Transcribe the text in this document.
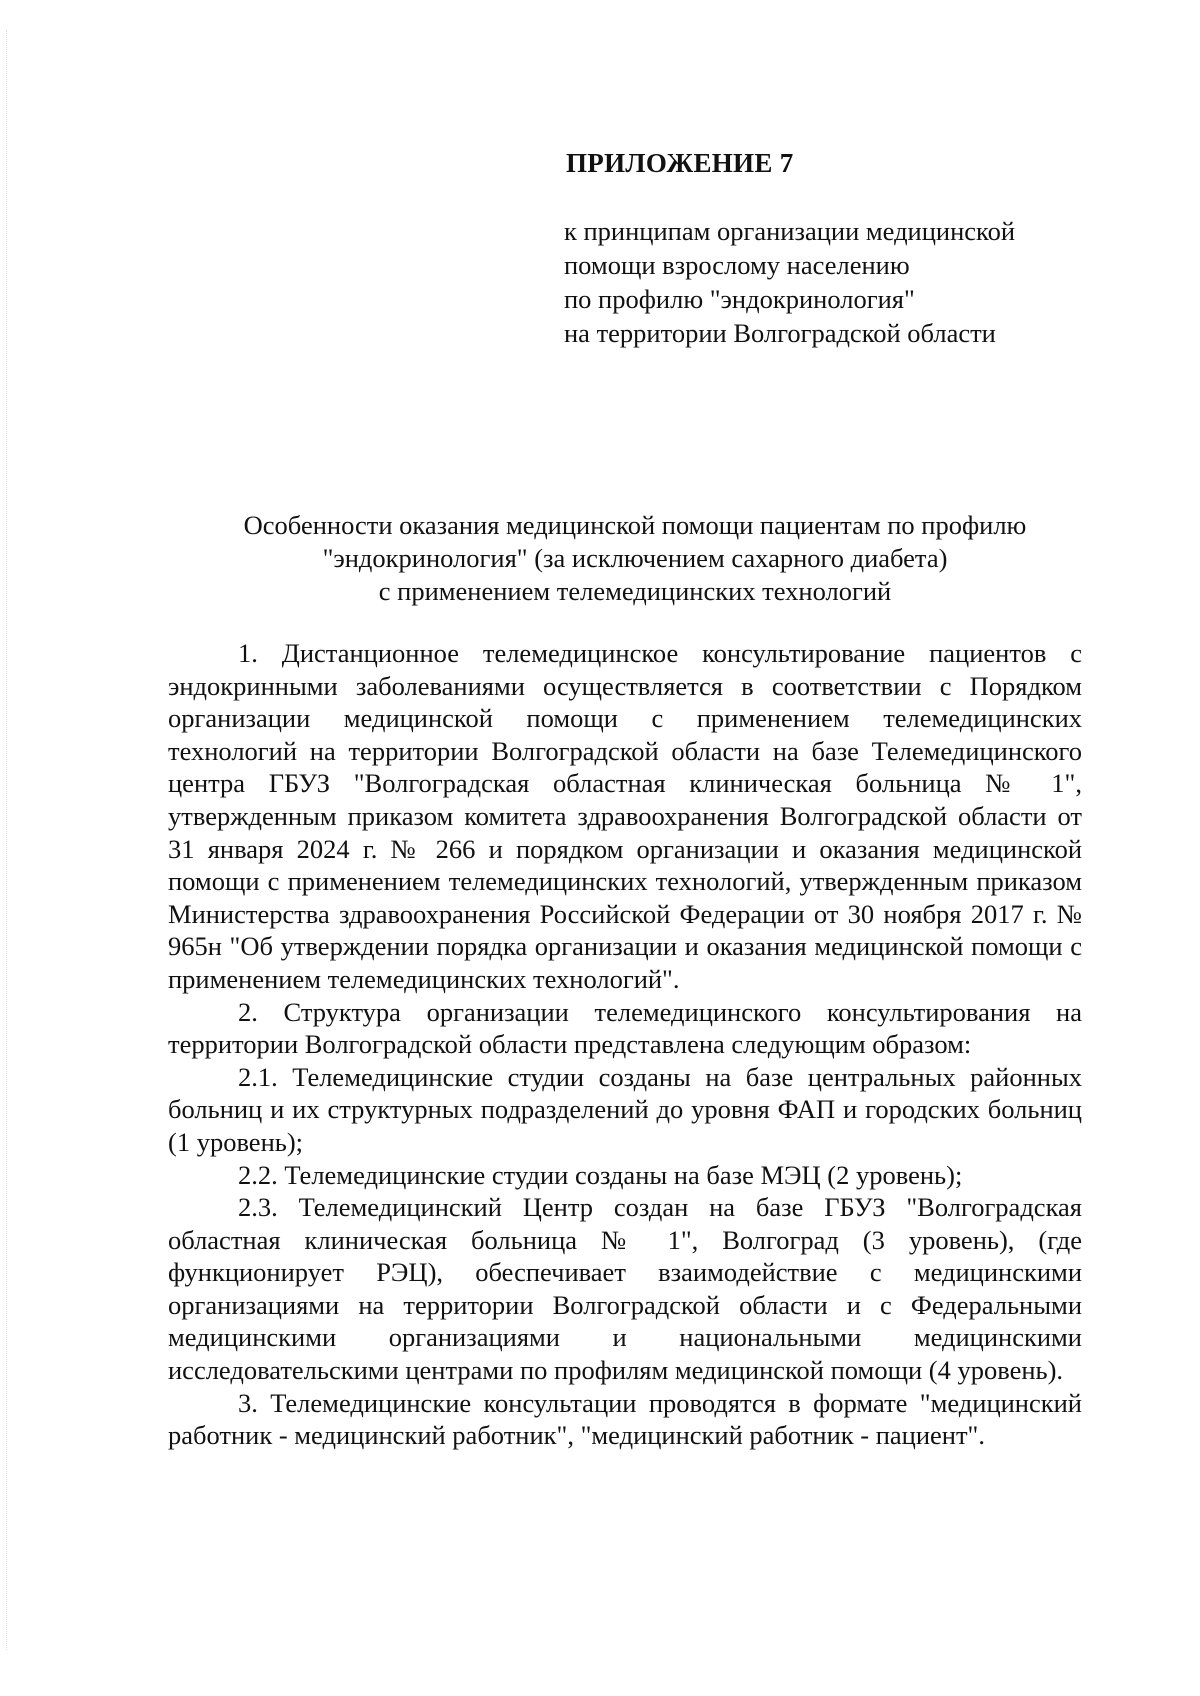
ПРИЛОЖЕНИЕ 7
к принципам организации медицинской
помощи взрослому населению
по профилю "эндокринология"
на территории Волгоградской области
Особенности оказания медицинской помощи пациентам по профилю
"эндокринология" (за исключением сахарного диабета)
с применением телемедицинских технологий

1. Дистанционное телемедицинское консультирование пациентов с эндокринными заболеваниями осуществляется в соответствии с Порядком организации медицинской помощи с применением телемедицинских технологий на территории Волгоградской области на базе Телемедицинского центра ГБУЗ "Волгоградская областная клиническая больница № 1", утвержденным приказом комитета здравоохранения Волгоградской области от 31 января 2024 г. № 266 и порядком организации и оказания медицинской помощи с применением телемедицинских технологий, утвержденным приказом Министерства здравоохранения Российской Федерации от 30 ноября 2017 г. № 965н "Об утверждении порядка организации и оказания медицинской помощи с применением телемедицинских технологий".

2. Структура организации телемедицинского консультирования на территории Волгоградской области представлена следующим образом:

2.1. Телемедицинские студии созданы на базе центральных районных больниц и их структурных подразделений до уровня ФАП и городских больниц (1 уровень);

2.2. Телемедицинские студии созданы на базе МЭЦ (2 уровень);

2.3. Телемедицинский Центр создан на базе ГБУЗ "Волгоградская областная клиническая больница № 1", Волгоград (3 уровень), (где функционирует РЭЦ), обеспечивает взаимодействие с медицинскими организациями на территории Волгоградской области и с Федеральными медицинскими организациями и национальными медицинскими исследовательскими центрами по профилям медицинской помощи (4 уровень).

3. Телемедицинские консультации проводятся в формате "медицинский работник - медицинский работник", "медицинский работник - пациент".
